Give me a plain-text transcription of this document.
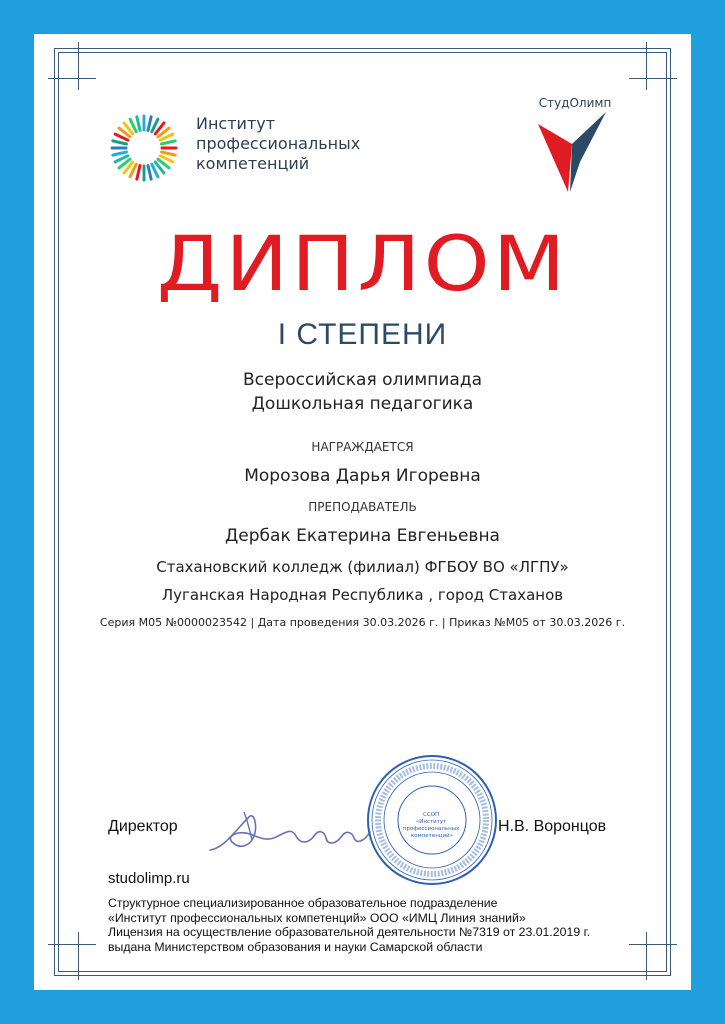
Институт
профессиональных
компетенций
СтудОлимп
ДИПЛОМ
I СТЕПЕНИ
Всероссийская олимпиада
Дошкольная педагогика
НАГРАЖДАЕТСЯ
Морозова Дарья Игоревна
ПРЕПОДАВАТЕЛЬ
Дербак Екатерина Евгеньевна
Стахановский колледж (филиал) ФГБОУ ВО «ЛГПУ»
Луганская Народная Республика , город Стаханов
Серия М05 №0000023542 | Дата проведения 30.03.2026 г. | Приказ №М05 от 30.03.2026 г.
Директор
ССОП «Институт профессиональных компетенций»
Н.В. Воронцов
studolimp.ru
Структурное специализированное образовательное подразделение
«Институт профессиональных компетенций» ООО «ИМЦ Линия знаний»
Лицензия на осуществление образовательной деятельности №7319 от 23.01.2019 г.
выдана Министерством образования и науки Самарской области
